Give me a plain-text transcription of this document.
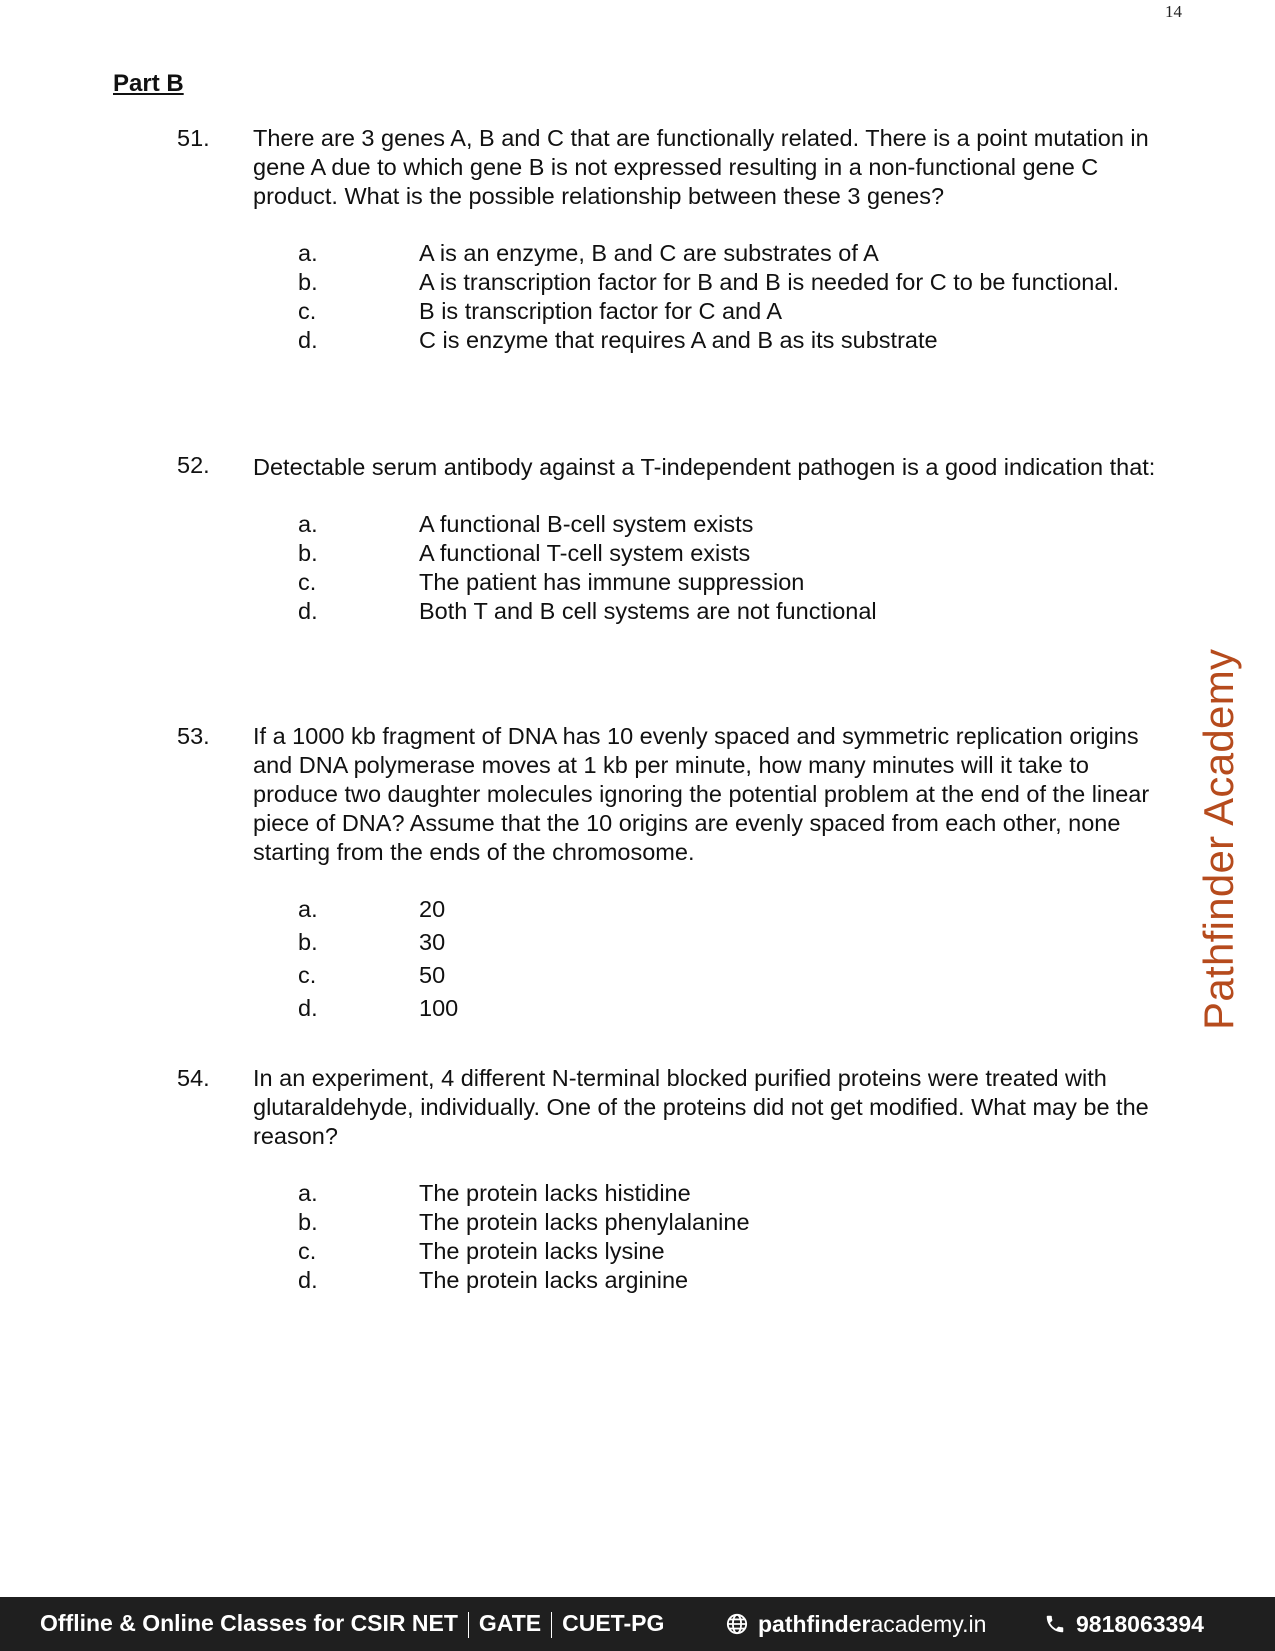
14
Part B
51. There are 3 genes A, B and C that are functionally related. There is a point mutation in gene A due to which gene B is not expressed resulting in a non-functional gene C product. What is the possible relationship between these 3 genes?
a.	A is an enzyme, B and C are substrates of A
b.	A is transcription factor for B and B is needed for C to be functional.
c.	B is transcription factor for C and A
d.	C is enzyme that requires A and B as its substrate
52. Detectable serum antibody against a T-independent pathogen is a good indication that:
a.	A functional B-cell system exists
b.	A functional T-cell system exists
c.	The patient has immune suppression
d.	Both T and B cell systems are not functional
53. If a 1000 kb fragment of DNA has 10 evenly spaced and symmetric replication origins and DNA polymerase moves at 1 kb per minute, how many minutes will it take to produce two daughter molecules ignoring the potential problem at the end of the linear piece of DNA? Assume that the 10 origins are evenly spaced from each other, none starting from the ends of the chromosome.
a.	20
b.	30
c.	50
d.	100
54. In an experiment, 4 different N-terminal blocked purified proteins were treated with glutaraldehyde, individually. One of the proteins did not get modified. What may be the reason?
a.	The protein lacks histidine
b.	The protein lacks phenylalanine
c.	The protein lacks lysine
d.	The protein lacks arginine
Pathfinder Academy
Offline & Online Classes for CSIR NET GATE CUET-PG	pathfinder academy.in	9818063394
